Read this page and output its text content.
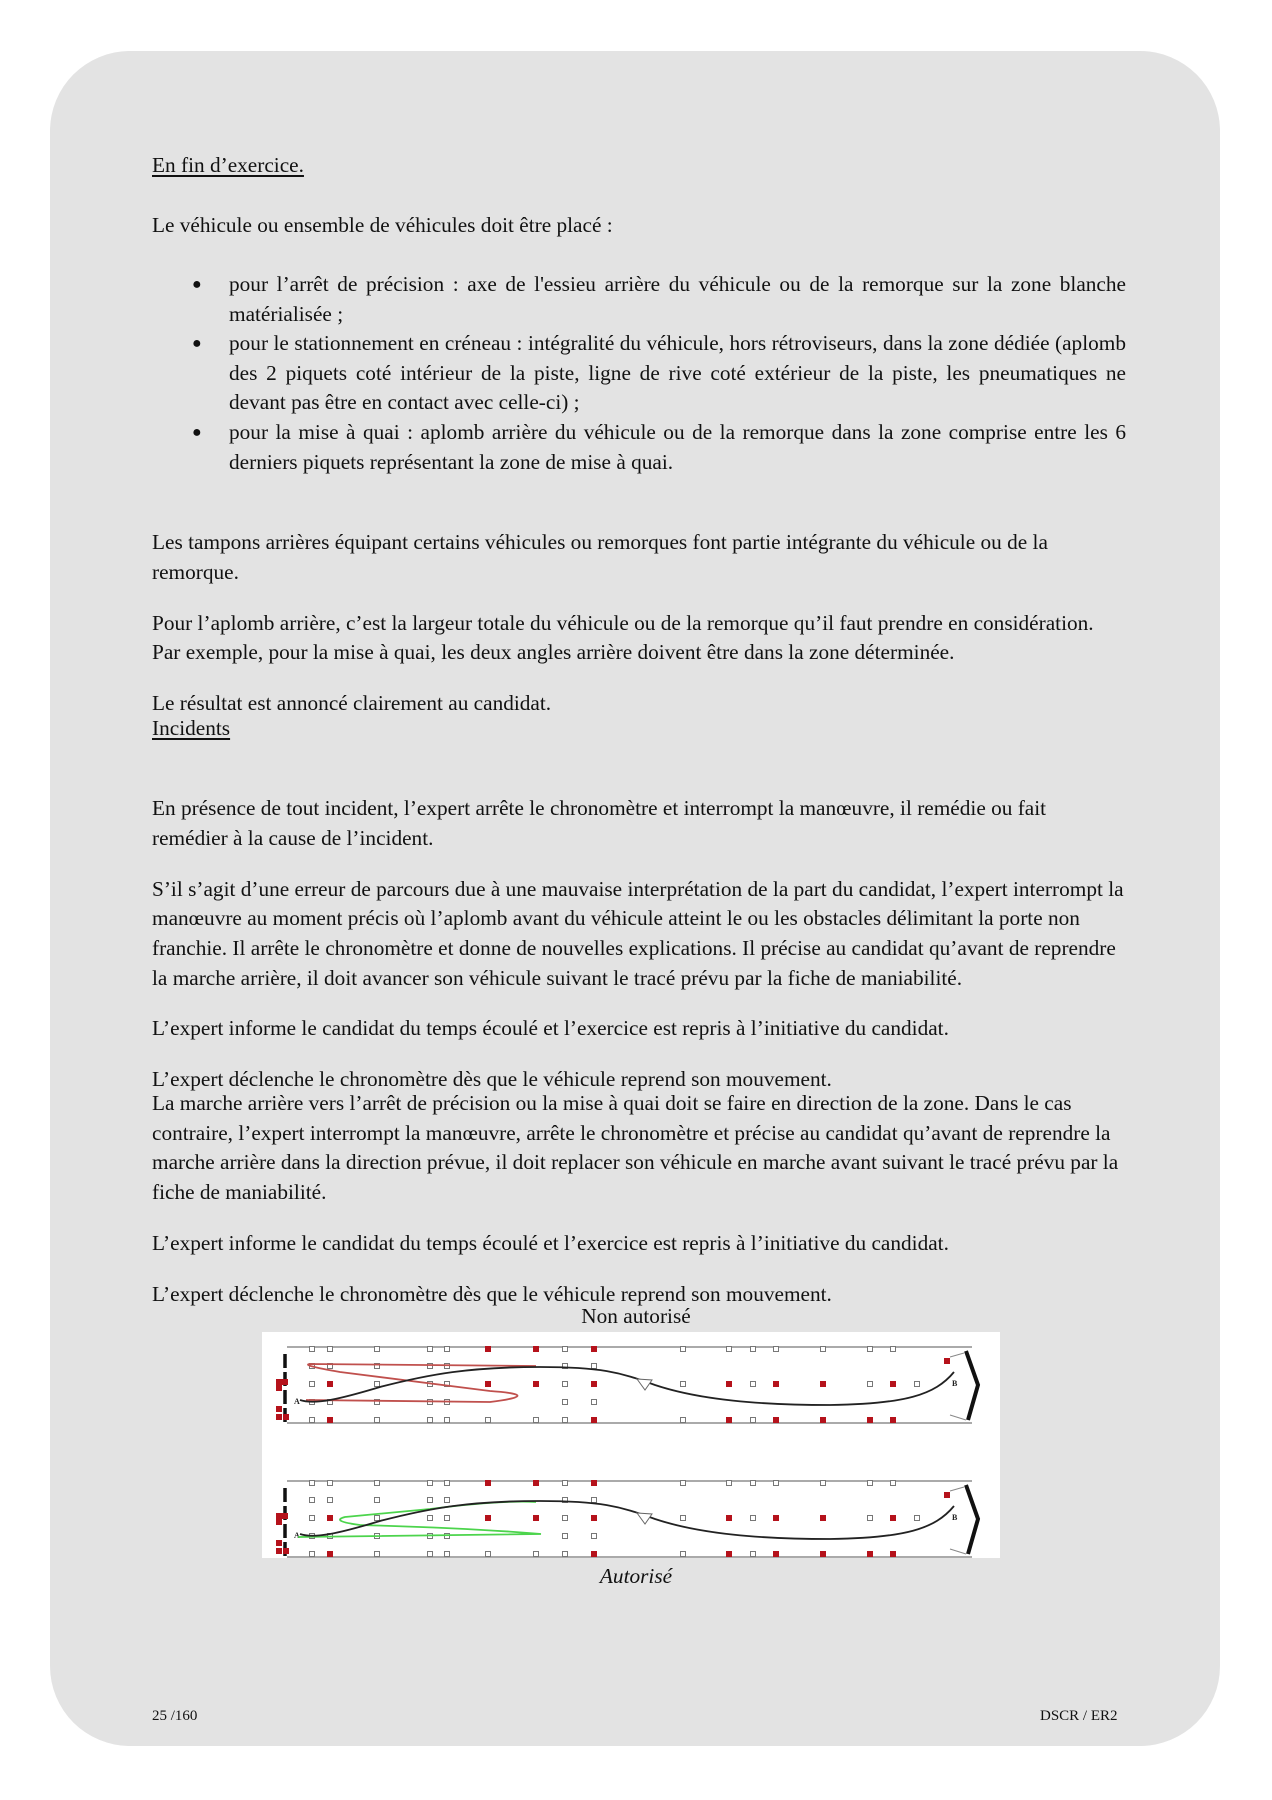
En fin d’exercice.

Le véhicule ou ensemble de véhicules doit être placé :

● pour l’arrêt de précision : axe de l'essieu arrière du véhicule ou de la remorque sur la zone blanche matérialisée ;
● pour le stationnement en créneau : intégralité du véhicule, hors rétroviseurs, dans la zone dédiée (aplomb des 2 piquets coté intérieur de la piste, ligne de rive coté extérieur de la piste, les pneumatiques ne devant pas être en contact avec celle-ci) ;
● pour la mise à quai : aplomb arrière du véhicule ou de la remorque dans la zone comprise entre les 6 derniers piquets représentant la zone de mise à quai.

Les tampons arrières équipant certains véhicules ou remorques font partie intégrante du véhicule ou de la remorque.

Pour l’aplomb arrière, c’est la largeur totale du véhicule ou de la remorque qu’il faut prendre en considération. Par exemple, pour la mise à quai, les deux angles arrière doivent être dans la zone déterminée.

Le résultat est annoncé clairement au candidat.

Incidents

En présence de tout incident, l’expert arrête le chronomètre et interrompt la manœuvre, il remédie ou fait remédier à la cause de l’incident.

S’il s’agit d’une erreur de parcours due à une mauvaise interprétation de la part du candidat, l’expert interrompt la manœuvre au moment précis où l’aplomb avant du véhicule atteint le ou les obstacles délimitant la porte non franchie. Il arrête le chronomètre et donne de nouvelles explications. Il précise au candidat qu’avant de reprendre la marche arrière, il doit avancer son véhicule suivant le tracé prévu par la fiche de maniabilité.

L’expert informe le candidat du temps écoulé et l’exercice est repris à l’initiative du candidat.

L’expert déclenche le chronomètre dès que le véhicule reprend son mouvement.

La marche arrière vers l’arrêt de précision ou la mise à quai doit se faire en direction de la zone. Dans le cas contraire, l’expert interrompt la manœuvre, arrête le chronomètre et précise au candidat qu’avant de reprendre la marche arrière dans la direction prévue, il doit replacer son véhicule en marche avant suivant le tracé prévu par la fiche de maniabilité.

L’expert informe le candidat du temps écoulé et l’exercice est repris à l’initiative du candidat.

L’expert déclenche le chronomètre dès que le véhicule reprend son mouvement.

Non autorisé
A
B
A
B
Autorisé
25 /160	DSCR / ER2
